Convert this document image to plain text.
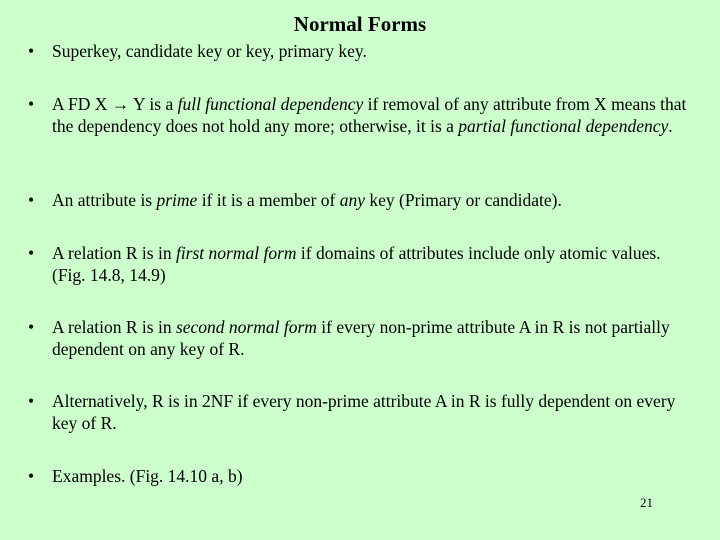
Normal Forms
•	Superkey, candidate key or key, primary key.
•	A FD X → Y is a full functional dependency if removal of any attribute from X means that the dependency does not hold any more; otherwise, it is a partial functional dependency.
•	An attribute is prime if it is a member of any key (Primary or candidate).
•	A relation R is in first normal form if domains of attributes include only atomic values. (Fig. 14.8, 14.9)
•	A relation R is in second normal form if every non-prime attribute A in R is not partially dependent on any key of R.
•	Alternatively, R is in 2NF if every non-prime attribute A in R is fully dependent on every key of R.
•	Examples. (Fig. 14.10 a, b)
21
